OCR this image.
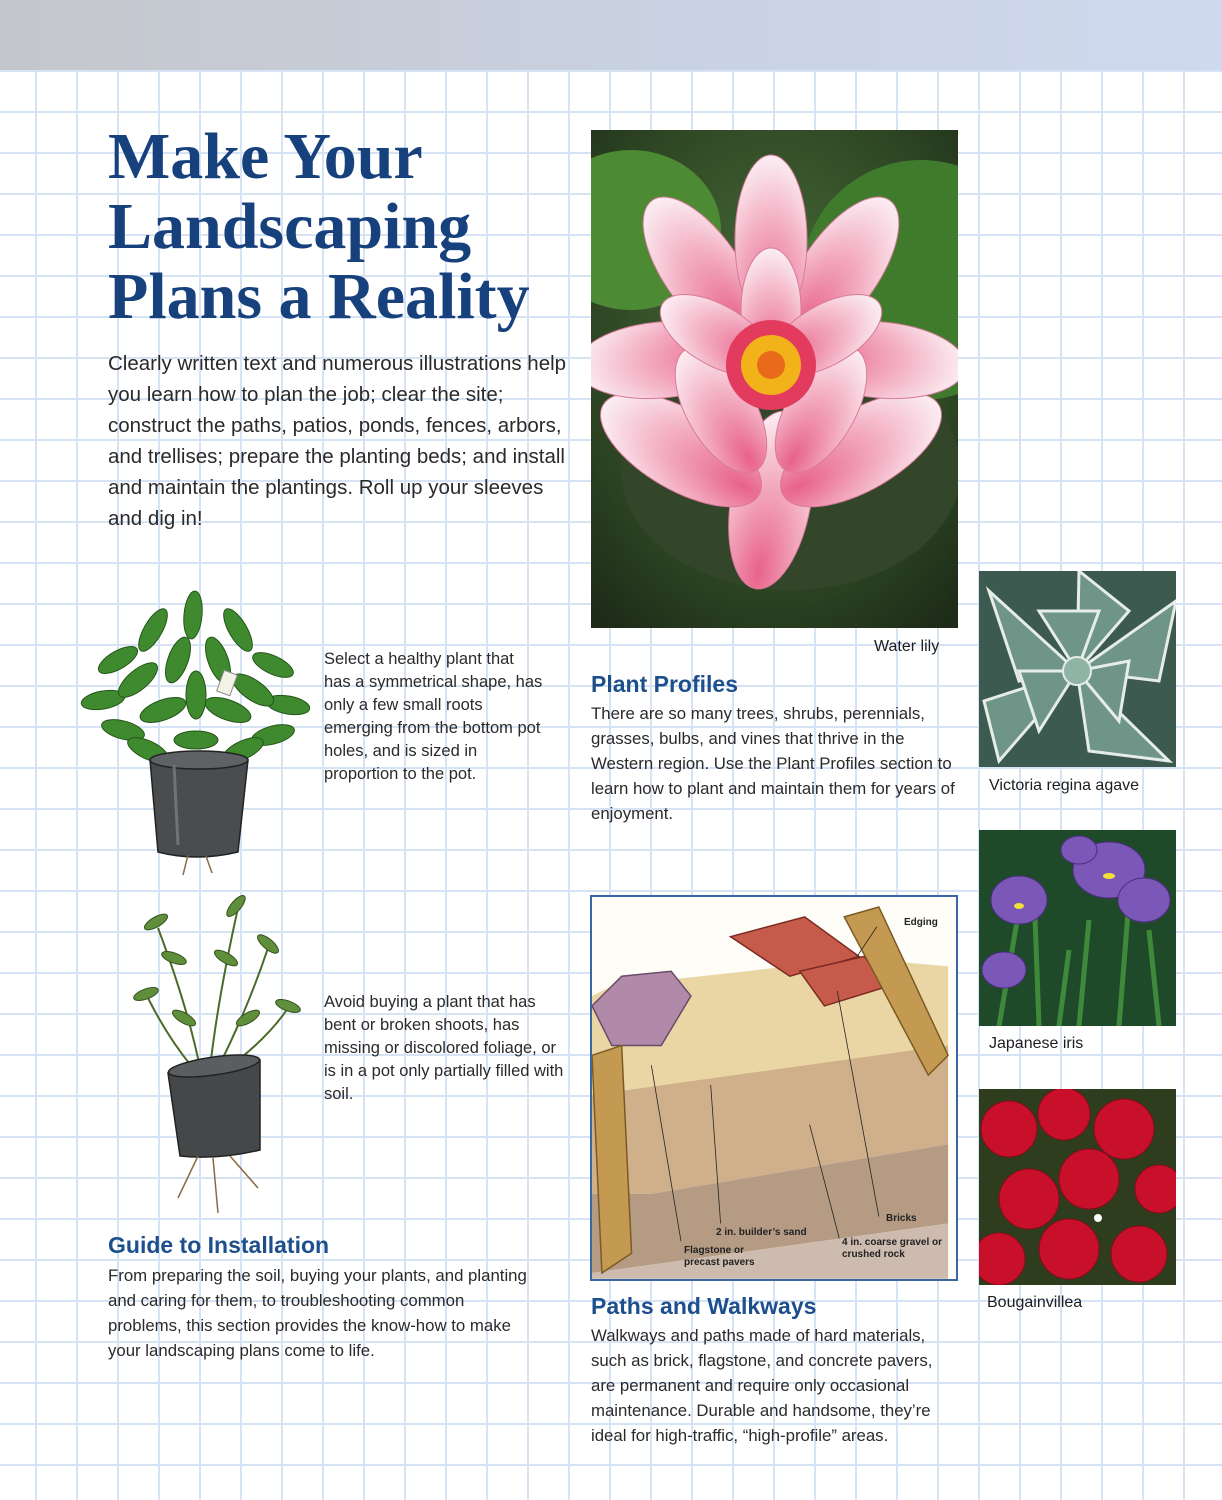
Make Your Landscaping Plans a Reality

Clearly written text and numerous illustrations help you learn how to plan the job; clear the site; construct the paths, patios, ponds, fences, arbors, and trellises; prepare the planting beds; and install and maintain the plantings. Roll up your sleeves and dig in!

Select a healthy plant that has a symmetrical shape, has only a few small roots emerging from the bottom pot holes, and is sized in proportion to the pot.

Avoid buying a plant that has bent or broken shoots, has missing or discolored foliage, or is in a pot only partially filled with soil.

Guide to Installation

From preparing the soil, buying your plants, and planting and caring for them, to troubleshooting common problems, this section provides the know-how to make your landscaping plans come to life.

Water lily

Plant Profiles

There are so many trees, shrubs, perennials, grasses, bulbs, and vines that thrive in the Western region. Use the Plant Profiles section to learn how to plant and maintain them for years of enjoyment.

Victoria regina agave

Japanese iris

Bougainvillea

Edging
Bricks
2 in. builder’s sand
Flagstone or precast pavers
4 in. coarse gravel or crushed rock
Paths and Walkways

Walkways and paths made of hard materials, such as brick, flagstone, and concrete pavers, are permanent and require only occasional maintenance. Durable and handsome, they’re ideal for high-traffic, “high-profile” areas.
